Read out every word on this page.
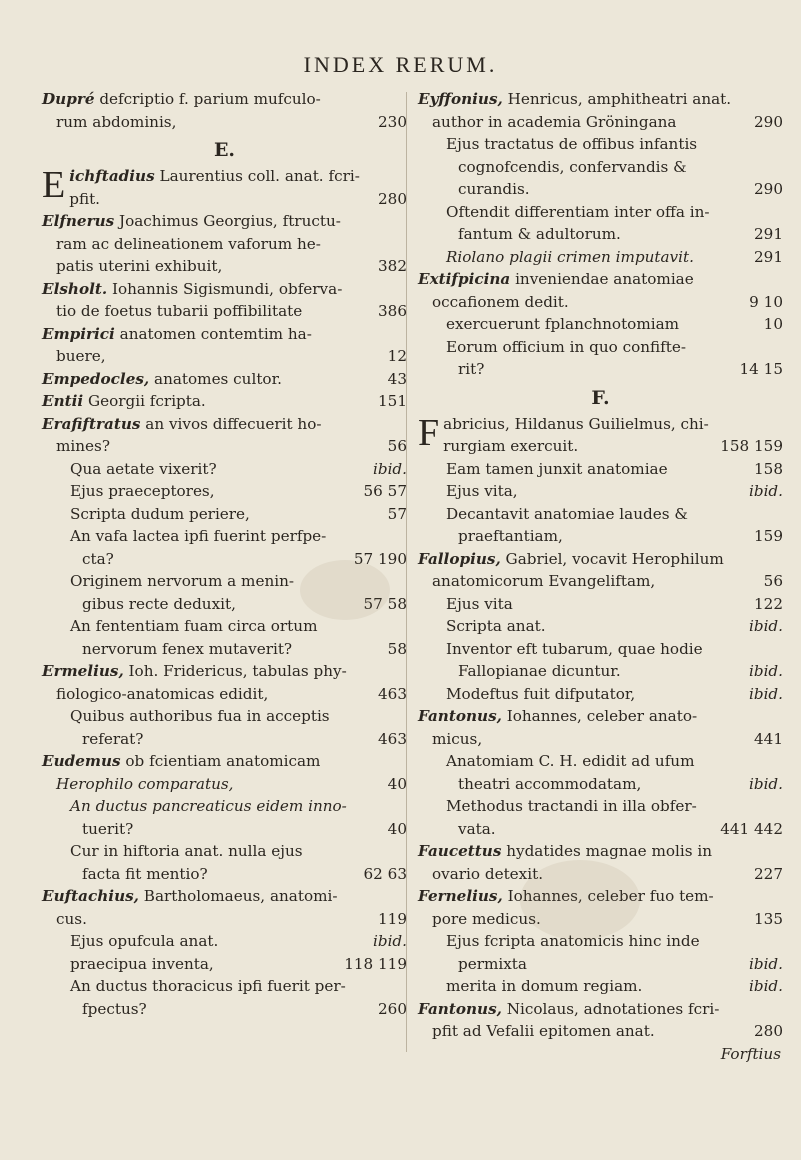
INDEX RERUM.
Dupré defcriptio f. parium mufculo-
rum abdominis,	230
E.
Eichftadius Laurentius coll. anat. fcri-
pfit.	280
Elfnerus Joachimus Georgius, ftructu-
ram ac delineationem vaforum he-
patis uterini exhibuit,	382
Elsholt. Iohannis Sigismundi, obferva-
tio de foetus tubarii poffibilitate	386
Empirici anatomen contemtim ha-
buere,	12
Empedocles, anatomes cultor.	43
Entii Georgii fcripta.	151
Erafiftratus an vivos diffecuerit ho-
mines?	56
Qua aetate vixerit?	ibid.
Ejus praeceptores,	56 57
Scripta dudum periere,	57
An vafa lactea ipfi fuerint perfpe-
cta?	57 190
Originem nervorum a menin-
gibus recte deduxit,	57 58
An fententiam fuam circa ortum
nervorum fenex mutaverit?	58
Ermelius, Ioh. Fridericus, tabulas phy-
fiologico-anatomicas edidit,	463
Quibus authoribus fua in acceptis
referat?	463
Eudemus ob fcientiam anatomicam
Herophilo comparatus,	40
An ductus pancreaticus eidem inno-
tuerit?	40
Cur in hiftoria anat. nulla ejus
facta fit mentio?	62 63
Euftachius, Bartholomaeus, anatomi-
cus.	119
Ejus opufcula anat.	ibid.
praecipua inventa,	118 119
An ductus thoracicus ipfi fuerit per-
fpectus?	260
Eyffonius, Henricus, amphitheatri anat.
author in academia Gröningana	290
Ejus tractatus de offibus infantis
cognofcendis, confervandis &
curandis.	290
Oftendit differentiam inter offa in-
fantum & adultorum.	291
Riolano plagii crimen imputavit.	291
Extifpicina inveniendae anatomiae
occafionem dedit.	9 10
exercuerunt fplanchnotomiam	10
Eorum officium in quo confifte-
rit?	14 15
F.
Fabricius, Hildanus Guilielmus, chi-
rurgiam exercuit.	158 159
Eam tamen junxit anatomiae	158
Ejus vita,	ibid.
Decantavit anatomiae laudes &
praeftantiam,	159
Fallopius, Gabriel, vocavit Herophilum
anatomicorum Evangeliftam,	56
Ejus vita	122
Scripta anat.	ibid.
Inventor eft tubarum, quae hodie
Fallopianae dicuntur.	ibid.
Modeftus fuit difputator,	ibid.
Fantonus, Iohannes, celeber anato-
micus,	441
Anatomiam C. H. edidit ad ufum
theatri accommodatam,	ibid.
Methodus tractandi in illa obfer-
vata.	441 442
Faucettus hydatides magnae molis in
ovario detexit.	227
Fernelius, Iohannes, celeber fuo tem-
pore medicus.	135
Ejus fcripta anatomicis hinc inde
permixta	ibid.
merita in domum regiam.	ibid.
Fantonus, Nicolaus, adnotationes fcri-
pfit ad Vefalii epitomen anat.	280
Forftius
